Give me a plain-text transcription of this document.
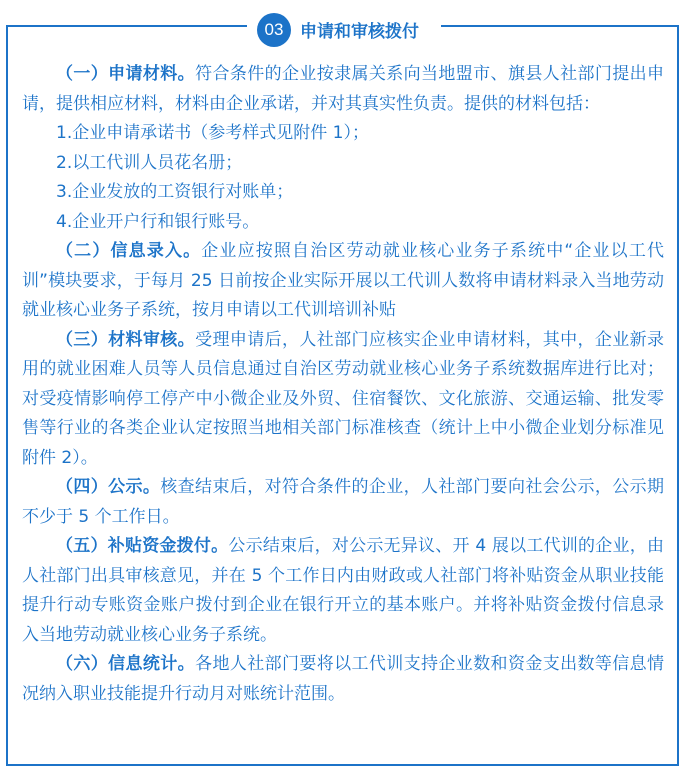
03 申请和审核拨付

（一）申请材料。符合条件的企业按隶属关系向当地盟市、旗县人社部门提出申请，提供相应材料，材料由企业承诺，并对其真实性负责。提供的材料包括：

1.企业申请承诺书（参考样式见附件 1）；

2.以工代训人员花名册；

3.企业发放的工资银行对账单；

4.企业开户行和银行账号。

（二）信息录入。企业应按照自治区劳动就业核心业务子系统中“企业以工代训”模块要求，于每月 25 日前按企业实际开展以工代训人数将申请材料录入当地劳动就业核心业务子系统，按月申请以工代训培训补贴

（三）材料审核。受理申请后，人社部门应核实企业申请材料，其中，企业新录用的就业困难人员等人员信息通过自治区劳动就业核心业务子系统数据库进行比对；对受疫情影响停工停产中小微企业及外贸、住宿餐饮、文化旅游、交通运输、批发零售等行业的各类企业认定按照当地相关部门标准核查（统计上中小微企业划分标准见附件 2）。

（四）公示。核查结束后，对符合条件的企业，人社部门要向社会公示，公示期不少于 5 个工作日。

（五）补贴资金拨付。公示结束后，对公示无异议、开 4 展以工代训的企业，由人社部门出具审核意见，并在 5 个工作日内由财政或人社部门将补贴资金从职业技能提升行动专账资金账户拨付到企业在银行开立的基本账户。并将补贴资金拨付信息录入当地劳动就业核心业务子系统。

（六）信息统计。各地人社部门要将以工代训支持企业数和资金支出数等信息情况纳入职业技能提升行动月对账统计范围。
